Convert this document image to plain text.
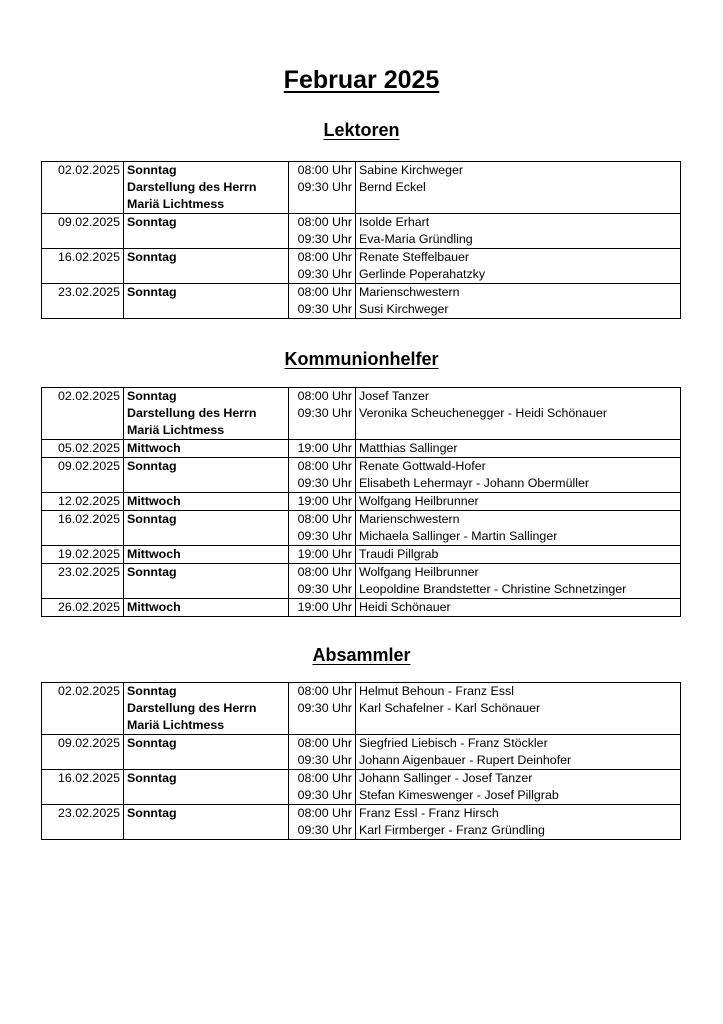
Februar 2025
Lektoren
02.02.2025	Sonntag	08:00 Uhr	Sabine Kirchweger
	Darstellung des Herrn	09:30 Uhr	Bernd Eckel
	Mariä Lichtmess		
09.02.2025	Sonntag	08:00 Uhr	Isolde Erhart
		09:30 Uhr	Eva-Maria Gründling
16.02.2025	Sonntag	08:00 Uhr	Renate Steffelbauer
		09:30 Uhr	Gerlinde Poperahatzky
23.02.2025	Sonntag	08:00 Uhr	Marienschwestern
		09:30 Uhr	Susi Kirchweger
Kommunionhelfer
02.02.2025	Sonntag	08:00 Uhr	Josef Tanzer
	Darstellung des Herrn	09:30 Uhr	Veronika Scheuchenegger - Heidi Schönauer
	Mariä Lichtmess		
05.02.2025	Mittwoch	19:00 Uhr	Matthias Sallinger
09.02.2025	Sonntag	08:00 Uhr	Renate Gottwald-Hofer
		09:30 Uhr	Elisabeth Lehermayr - Johann Obermüller
12.02.2025	Mittwoch	19:00 Uhr	Wolfgang Heilbrunner
16.02.2025	Sonntag	08:00 Uhr	Marienschwestern
		09:30 Uhr	Michaela Sallinger - Martin Sallinger
19.02.2025	Mittwoch	19:00 Uhr	Traudi Pillgrab
23.02.2025	Sonntag	08:00 Uhr	Wolfgang Heilbrunner
		09:30 Uhr	Leopoldine Brandstetter - Christine Schnetzinger
26.02.2025	Mittwoch	19:00 Uhr	Heidi Schönauer
Absammler
02.02.2025	Sonntag	08:00 Uhr	Helmut Behoun - Franz Essl
	Darstellung des Herrn	09:30 Uhr	Karl Schafelner - Karl Schönauer
	Mariä Lichtmess		
09.02.2025	Sonntag	08:00 Uhr	Siegfried Liebisch - Franz Stöckler
		09:30 Uhr	Johann Aigenbauer - Rupert Deinhofer
16.02.2025	Sonntag	08:00 Uhr	Johann Sallinger - Josef Tanzer
		09:30 Uhr	Stefan Kimeswenger - Josef Pillgrab
23.02.2025	Sonntag	08:00 Uhr	Franz Essl - Franz Hirsch
		09:30 Uhr	Karl Firmberger - Franz Gründling
